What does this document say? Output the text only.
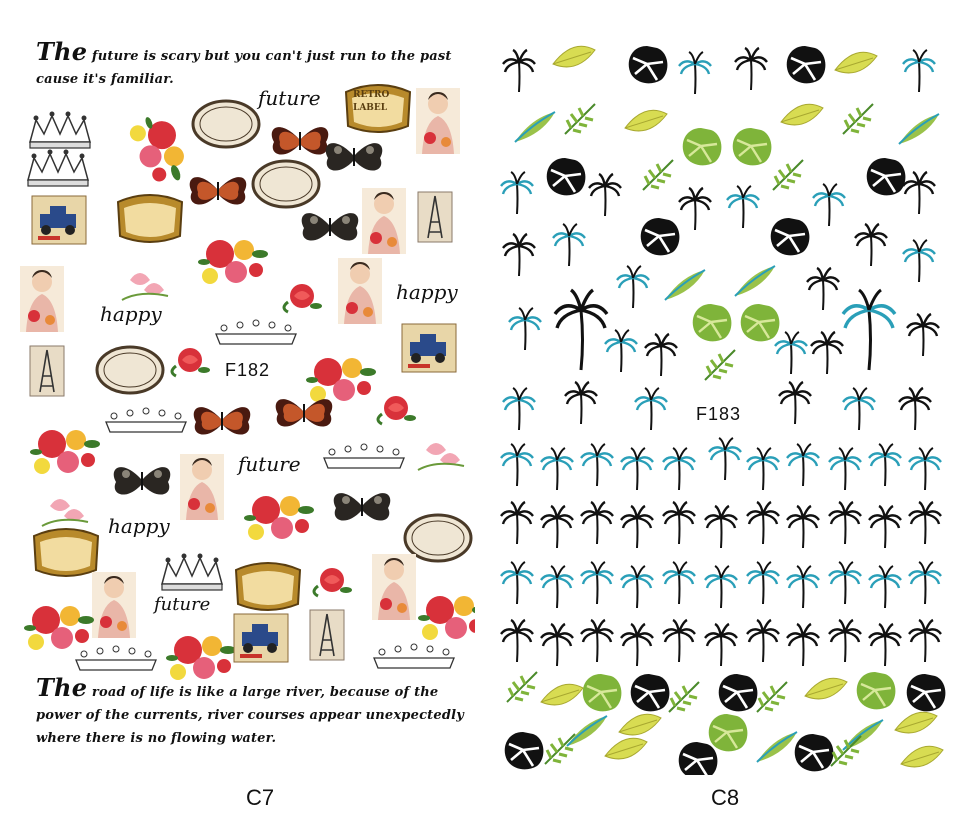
The future is scary but you can't just run to the past cause it's familiar.
RETRO
LABEL
future
happy
happy
future
happy
future
F182
The road of life is like a large river, because of the power of the currents, river courses appear unexpectedly where there is no flowing water.
F183
C7	C8
